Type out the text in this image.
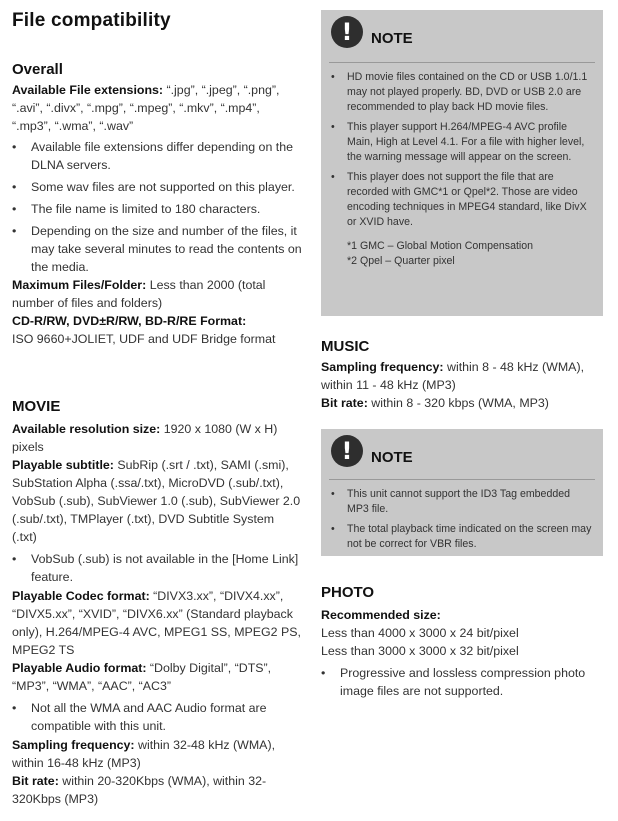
File compatibility
Overall

Available File extensions: “.jpg”, “.jpeg”, “.png”, “.avi”, “.divx”, “.mpg”, “.mpeg”, “.mkv”, “.mp4”, “.mp3”, “.wma”, “.wav”

• Available file extensions differ depending on the DLNA servers.
• Some wav files are not supported on this player.
• The file name is limited to 180 characters.
• Depending on the size and number of the files, it may take several minutes to read the contents on the media.

Maximum Files/Folder: Less than 2000 (total number of files and folders)

CD-R/RW, DVD±R/RW, BD-R/RE Format:
ISO 9660+JOLIET, UDF and UDF Bridge format

MOVIE

Available resolution size: 1920 x 1080 (W x H) pixels

Playable subtitle: SubRip (.srt / .txt), SAMI (.smi), SubStation Alpha (.ssa/.txt), MicroDVD (.sub/.txt), VobSub (.sub), SubViewer 1.0 (.sub), SubViewer 2.0 (.sub/.txt), TMPlayer (.txt), DVD Subtitle System (.txt)

• VobSub (.sub) is not available in the [Home Link] feature.

Playable Codec format: “DIVX3.xx”, “DIVX4.xx”, “DIVX5.xx”, “XVID”, “DIVX6.xx” (Standard playback only), H.264/MPEG-4 AVC, MPEG1 SS, MPEG2 PS, MPEG2 TS

Playable Audio format: “Dolby Digital”, “DTS”, “MP3”, “WMA”, “AAC”, “AC3”

• Not all the WMA and AAC Audio format are compatible with this unit.

Sampling frequency: within 32-48 kHz (WMA), within 16-48 kHz (MP3)

Bit rate: within 20-320Kbps (WMA), within 32-320Kbps (MP3)

!	NOTE
• HD movie files contained on the CD or USB 1.0/1.1 may not played properly. BD, DVD or USB 2.0 are recommended to play back HD movie files.
• This player support H.264/MPEG-4 AVC profile Main, High at Level 4.1. For a file with higher level, the warning message will appear on the screen.
• This player does not support the file that are recorded with GMC*1 or Qpel*2. Those are video encoding techniques in MPEG4 standard, like DivX or XVID have.
*1 GMC – Global Motion Compensation
*2 Qpel – Quarter pixel
MUSIC

Sampling frequency: within 8 - 48 kHz (WMA), within 11 - 48 kHz (MP3)

Bit rate: within 8 - 320 kbps (WMA, MP3)

!	NOTE
• This unit cannot support the ID3 Tag embedded MP3 file.
• The total playback time indicated on the screen may not be correct for VBR files.
PHOTO

Recommended size:

Less than 4000 x 3000 x 24 bit/pixel

Less than 3000 x 3000 x 32 bit/pixel

• Progressive and lossless compression photo image files are not supported.
